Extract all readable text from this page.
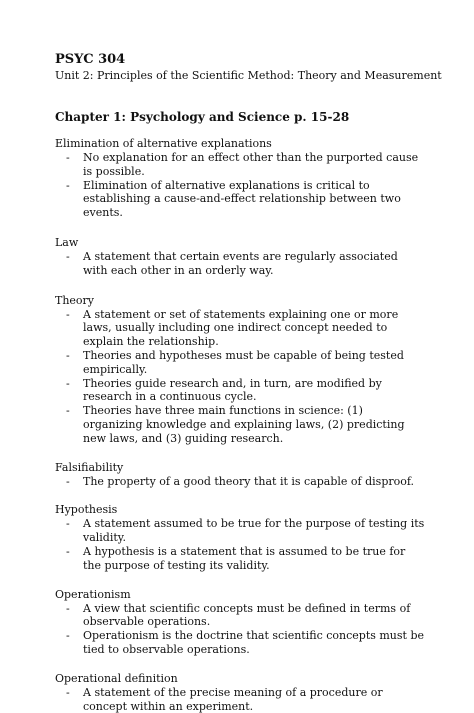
PSYC 304

Unit 2: Principles of the Scientific Method: Theory and Measurement

Chapter 1: Psychology and Science p. 15-28

Elimination of alternative explanations

- No explanation for an effect other than the purported cause is possible.
- Elimination of alternative explanations is critical to establishing a cause-and-effect relationship between two events.

Law

- A statement that certain events are regularly associated with each other in an orderly way.

Theory

- A statement or set of statements explaining one or more laws, usually including one indirect concept needed to explain the relationship.
- Theories and hypotheses must be capable of being tested empirically.
- Theories guide research and, in turn, are modified by research in a continuous cycle.
- Theories have three main functions in science: (1) organizing knowledge and explaining laws, (2) predicting new laws, and (3) guiding research.

Falsifiability

- The property of a good theory that it is capable of disproof.

Hypothesis

- A statement assumed to be true for the purpose of testing its validity.
- A hypothesis is a statement that is assumed to be true for the purpose of testing its validity.

Operationism

- A view that scientific concepts must be defined in terms of observable operations.
- Operationism is the doctrine that scientific concepts must be tied to observable operations.

Operational definition

- A statement of the precise meaning of a procedure or concept within an experiment.
